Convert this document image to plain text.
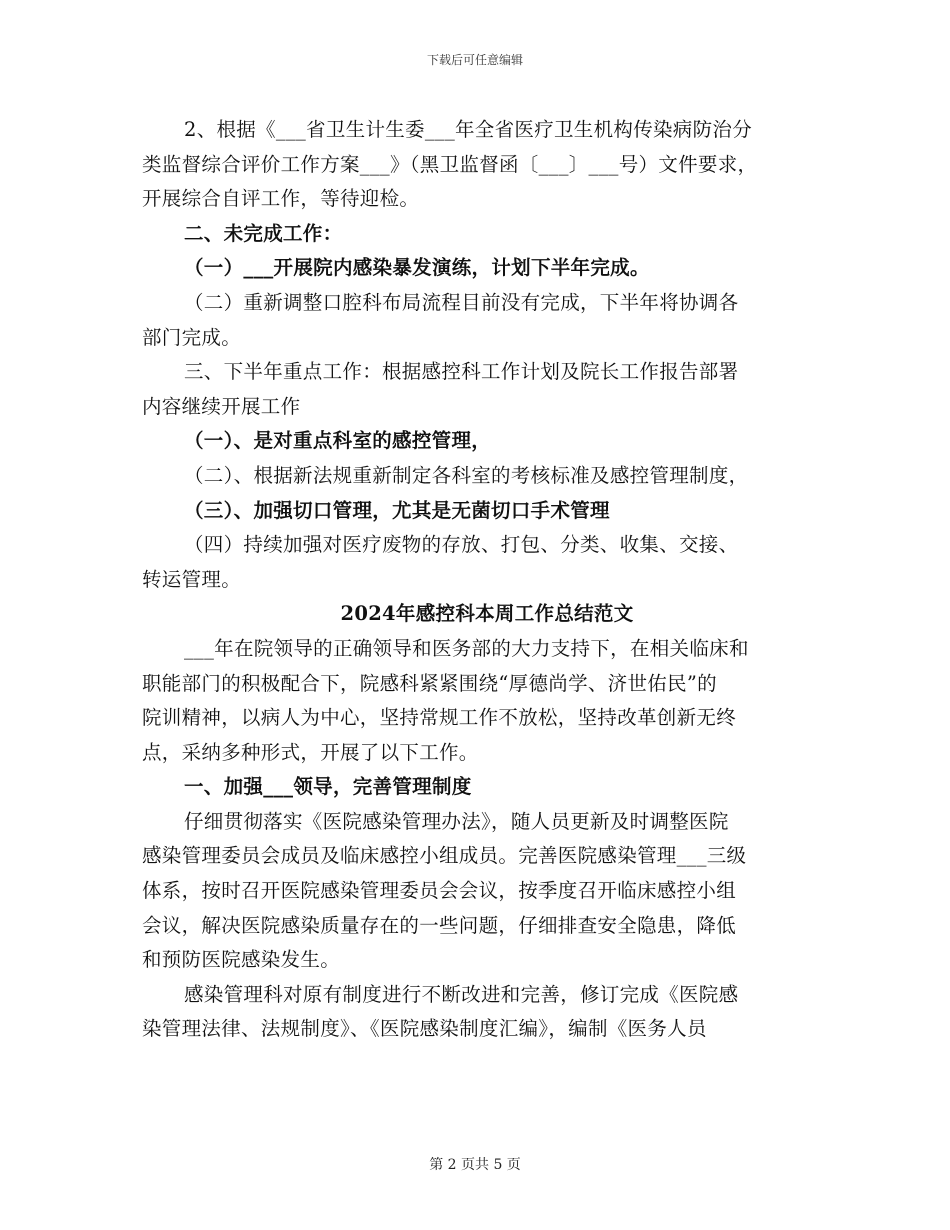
下载后可任意编辑
2、根据《___省卫生计生委___年全省医疗卫生机构传染病防治分
类监督综合评价工作方案___》（黑卫监督函〔___〕___号）文件要求，
开展综合自评工作，等待迎检。
二、未完成工作：
（一）___开展院内感染暴发演练，计划下半年完成。
（二）重新调整口腔科布局流程目前没有完成，下半年将协调各
部门完成。
三、下半年重点工作：根据感控科工作计划及院长工作报告部署
内容继续开展工作
（一）、是对重点科室的感控管理，
（二）、根据新法规重新制定各科室的考核标准及感控管理制度，
（三）、加强切口管理，尤其是无菌切口手术管理
（四）持续加强对医疗废物的存放、打包、分类、收集、交接、
转运管理。
2024年感控科本周工作总结范文
___年在院领导的正确领导和医务部的大力支持下，在相关临床和
职能部门的积极配合下，院感科紧紧围绕“厚德尚学、济世佑民”的
院训精神，以病人为中心，坚持常规工作不放松，坚持改革创新无终
点，采纳多种形式，开展了以下工作。
一、加强___领导，完善管理制度
仔细贯彻落实《医院感染管理办法》，随人员更新及时调整医院
感染管理委员会成员及临床感控小组成员。完善医院感染管理___三级
体系，按时召开医院感染管理委员会会议，按季度召开临床感控小组
会议，解决医院感染质量存在的一些问题，仔细排查安全隐患，降低
和预防医院感染发生。
感染管理科对原有制度进行不断改进和完善，修订完成《医院感
染管理法律、法规制度》、《医院感染制度汇编》，编制《医务人员
第 2 页共 5 页
